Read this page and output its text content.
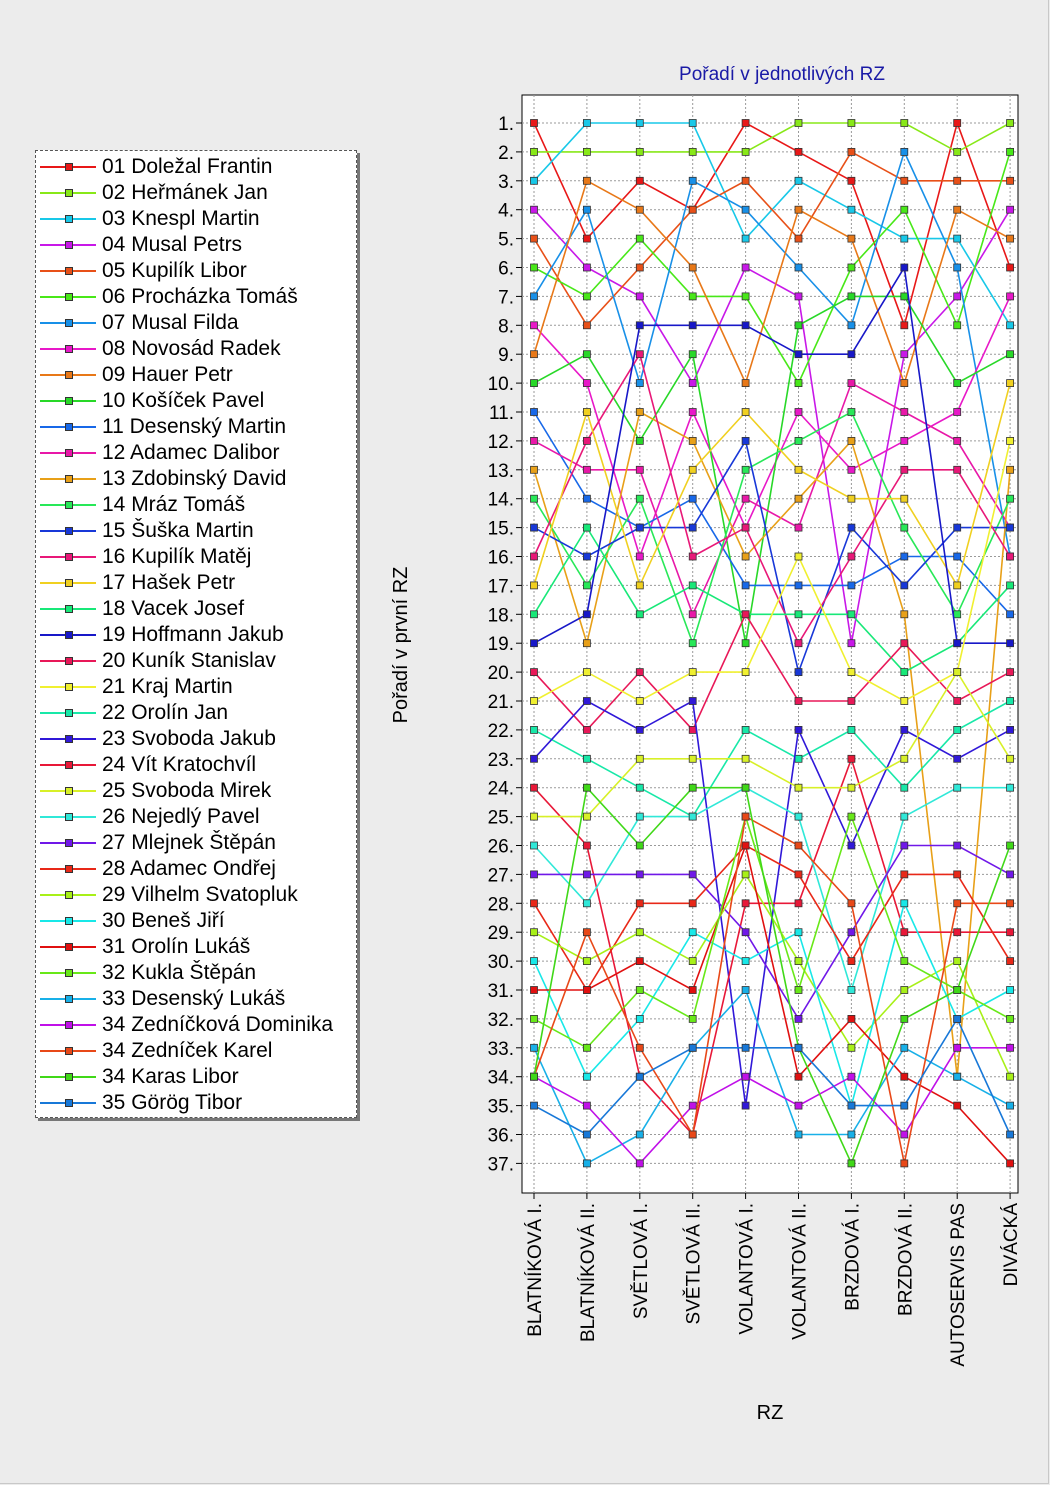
01 Doležal Frantin
02 Heřmánek Jan
03 Knespl Martin
04 Musal Petrs
05 Kupilík Libor
06 Procházka Tomáš
07 Musal Filda
08 Novosád Radek
09 Hauer Petr
10 Košíček Pavel
11 Desenský Martin
12 Adamec Dalibor
13 Zdobinský David
14 Mráz Tomáš
15 Šuška Martin
16 Kupilík Matěj
17 Hašek Petr
18 Vacek Josef
19 Hoffmann Jakub
20 Kuník Stanislav
21 Kraj Martin
22 Orolín Jan
23 Svoboda Jakub
24 Vít Kratochvíl
25 Svoboda Mirek
26 Nejedlý Pavel
27 Mlejnek Štěpán
28 Adamec Ondřej
29 Vilhelm Svatopluk
30 Beneš Jiří
31 Orolín Lukáš
32 Kukla Štěpán
33 Desenský Lukáš
34 Zedníčková Dominika
34 Zedníček Karel
34 Karas Libor
35 Görög Tibor
Pořadí v jednotlivých RZ
1.
2.
3.
4.
5.
6.
7.
8.
9.
10.
11.
12.
13.
14.
15.
16.
17.
18.
19.
20.
21.
22.
23.
24.
25.
26.
27.
28.
29.
30.
31.
32.
33.
34.
35.
36.
37.
BLATNÍKOVÁ I. BLATNÍKOVÁ II. SVĚTLOVÁ I. SVĚTLOVÁ II. VOLANTOVÁ I. VOLANTOVÁ II. BRZDOVÁ I. BRZDOVÁ II. AUTOSERVIS PAS DIVÁCKÁ
RZ
Pořadí v první RZ
